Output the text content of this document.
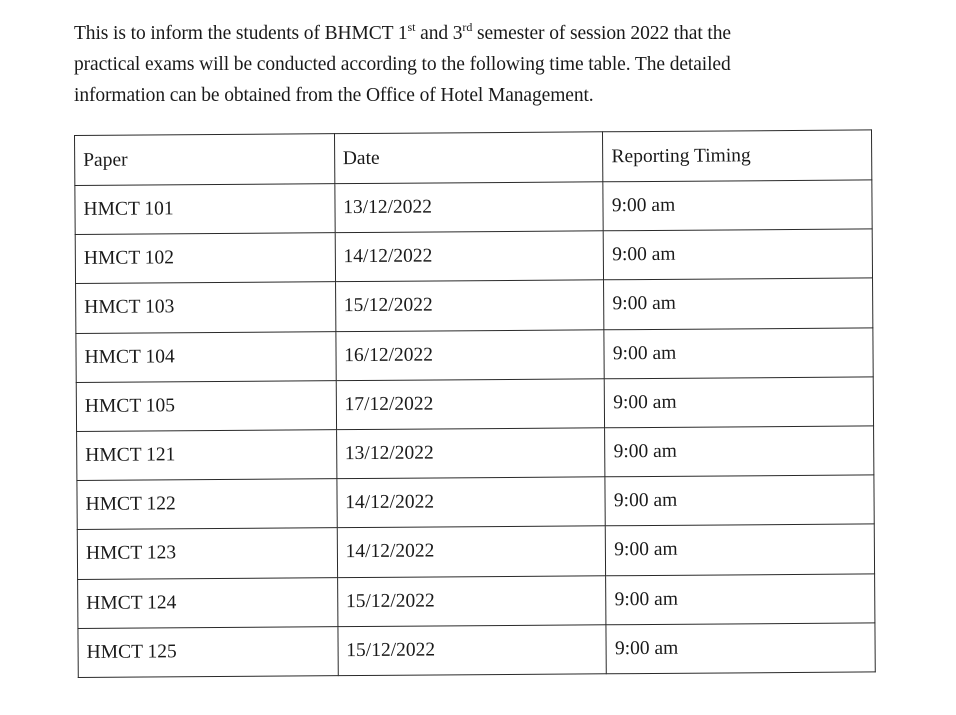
This is to inform the students of BHMCT 1st and 3rd semester of session 2022 that the
practical exams will be conducted according to the following time table. The detailed
information can be obtained from the Office of Hotel Management.
Paper	Date	Reporting Timing
HMCT 101	13/12/2022	9:00 am
HMCT 102	14/12/2022	9:00 am
HMCT 103	15/12/2022	9:00 am
HMCT 104	16/12/2022	9:00 am
HMCT 105	17/12/2022	9:00 am
HMCT 121	13/12/2022	9:00 am
HMCT 122	14/12/2022	9:00 am
HMCT 123	14/12/2022	9:00 am
HMCT 124	15/12/2022	9:00 am
HMCT 125	15/12/2022	9:00 am
